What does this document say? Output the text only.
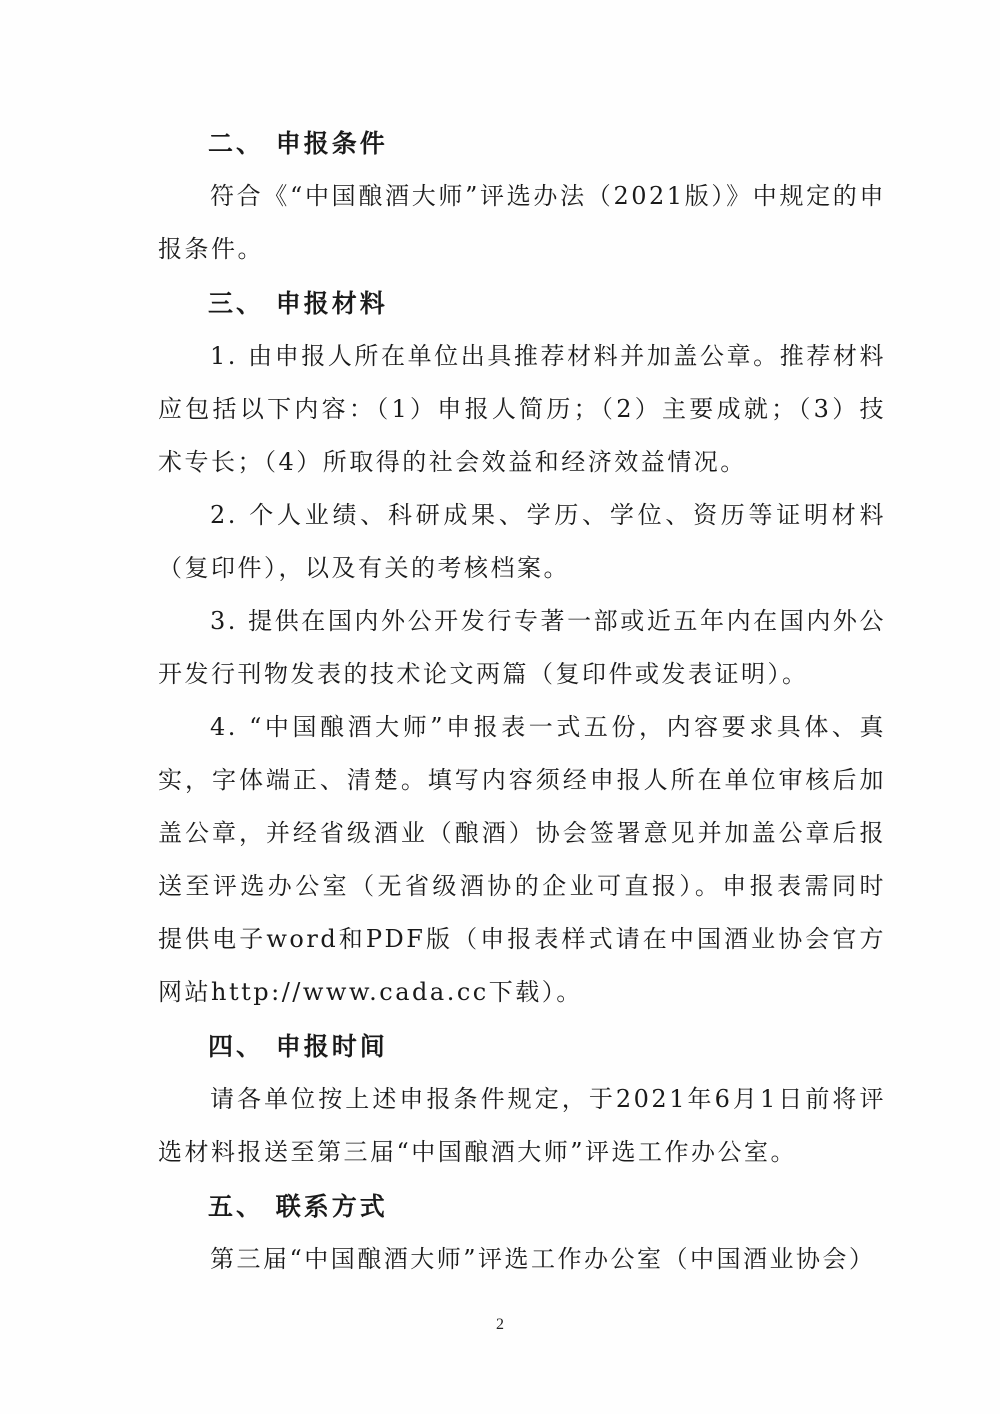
二、 申报条件

符合《“中国酿酒大师”评选办法（2021版）》中规定的申报条件。

三、 申报材料

1. 由申报人所在单位出具推荐材料并加盖公章。推荐材料应包括以下内容：（1）申报人简历；（2）主要成就；（3）技术专长；（4）所取得的社会效益和经济效益情况。

2. 个人业绩、科研成果、学历、学位、资历等证明材料（复印件），以及有关的考核档案。

3. 提供在国内外公开发行专著一部或近五年内在国内外公开发行刊物发表的技术论文两篇（复印件或发表证明）。

4. “中国酿酒大师”申报表一式五份，内容要求具体、真实，字体端正、清楚。填写内容须经申报人所在单位审核后加盖公章，并经省级酒业（酿酒）协会签署意见并加盖公章后报送至评选办公室（无省级酒协的企业可直报）。申报表需同时提供电子word和PDF版（申报表样式请在中国酒业协会官方网站http://www.cada.cc下载）。

四、 申报时间

请各单位按上述申报条件规定，于2021年6月1日前将评选材料报送至第三届“中国酿酒大师”评选工作办公室。

五、 联系方式

第三届“中国酿酒大师”评选工作办公室（中国酒业协会）

2
